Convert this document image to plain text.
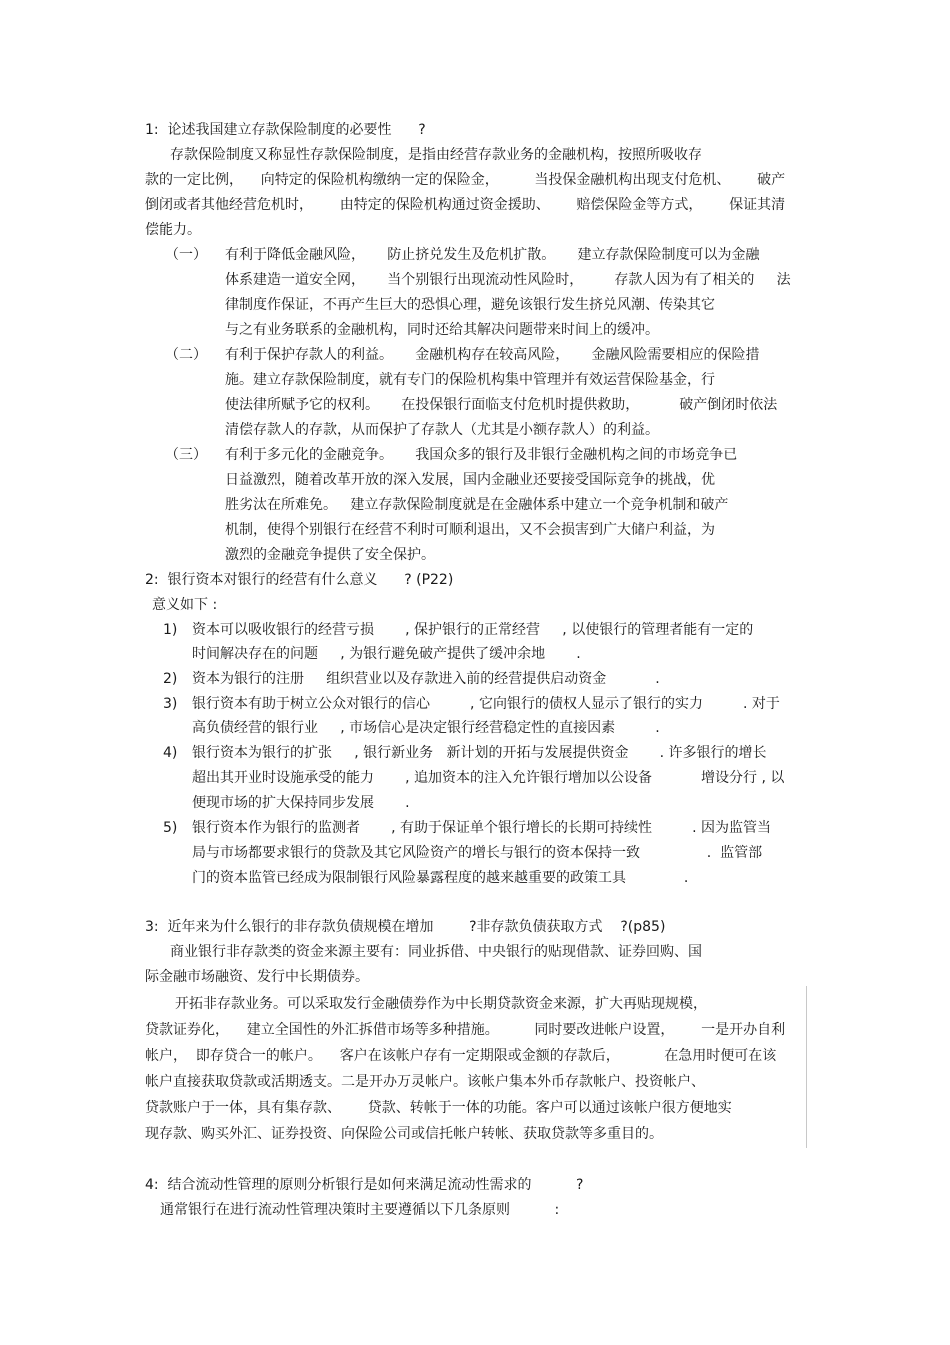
1:  论述我国建立存款保险制度的必要性      ?
存款保险制度又称显性存款保险制度，是指由经营存款业务的金融机构，按照所吸收存
款的一定比例，    向特定的保险机构缴纳一定的保险金，        当投保金融机构出现支付危机、      破产
倒闭或者其他经营危机时，      由特定的保险机构通过资金援助、      赔偿保险金等方式，      保证其清
偿能力。
（一） 有利于降低金融风险，     防止挤兑发生及危机扩散。     建立存款保险制度可以为金融
体系建造一道安全网，     当个别银行出现流动性风险时，       存款人因为有了相关的     法
律制度作保证，不再产生巨大的恐惧心理，避免该银行发生挤兑风潮、传染其它
与之有业务联系的金融机构，同时还给其解决问题带来时间上的缓冲。
（二） 有利于保护存款人的利益。     金融机构存在较高风险，     金融风险需要相应的保险措
施。建立存款保险制度，就有专门的保险机构集中管理并有效运营保险基金，行
使法律所赋予它的权利。     在投保银行面临支付危机时提供救助，         破产倒闭时依法
清偿存款人的存款，从而保护了存款人（尤其是小额存款人）的利益。
（三） 有利于多元化的金融竞争。     我国众多的银行及非银行金融机构之间的市场竞争已
日益激烈，随着改革开放的深入发展，国内金融业还要接受国际竞争的挑战，优
胜劣汰在所难免。   建立存款保险制度就是在金融体系中建立一个竞争机制和破产
机制，使得个别银行在经营不利时可顺利退出，又不会损害到广大储户利益，为
激烈的金融竞争提供了安全保护。
2:  银行资本对银行的经营有什么意义      ? (P22)
意义如下 :
1) 资本可以吸收银行的经营亏损       , 保护银行的正常经营     , 以使银行的管理者能有一定的
时间解决存在的问题     , 为银行避免破产提供了缓冲余地       .
2) 资本为银行的注册     组织营业以及存款进入前的经营提供启动资金           .
3) 银行资本有助于树立公众对银行的信心         , 它向银行的债权人显示了银行的实力         . 对于
高负债经营的银行业     , 市场信心是决定银行经营稳定性的直接因素         .
4) 银行资本为银行的扩张     , 银行新业务   新计划的开拓与发展提供资金       . 许多银行的增长
超出其开业时设施承受的能力       , 追加资本的注入允许银行增加以公设备           增设分行 , 以
便现市场的扩大保持同步发展       .
5) 银行资本作为银行的监测者       , 有助于保证单个银行增长的长期可持续性         . 因为监管当
局与市场都要求银行的贷款及其它风险资产的增长与银行的资本保持一致               .  监管部
门的资本监管已经成为限制银行风险暴露程度的越来越重要的政策工具             .
3:  近年来为什么银行的非存款负债规模在增加        ?非存款负债获取方式    ?(p85)
商业银行非存款类的资金来源主要有：同业拆借、中央银行的贴现借款、证券回购、国
际金融市场融资、发行中长期债券。
开拓非存款业务。可以采取发行金融债券作为中长期贷款资金来源，扩大再贴现规模，
贷款证券化，    建立全国性的外汇拆借市场等多种措施。        同时要改进帐户设置，      一是开办自利
帐户，  即存贷合一的帐户。    客户在该帐户存有一定期限或金额的存款后，          在急用时便可在该
帐户直接获取贷款或活期透支。二是开办万灵帐户。该帐户集本外币存款帐户、投资帐户、
贷款账户于一体，具有集存款、      贷款、转帐于一体的功能。客户可以通过该帐户很方便地实
现存款、购买外汇、证券投资、向保险公司或信托帐户转帐、获取贷款等多重目的。
4:  结合流动性管理的原则分析银行是如何来满足流动性需求的          ?
通常银行在进行流动性管理决策时主要遵循以下几条原则          :
